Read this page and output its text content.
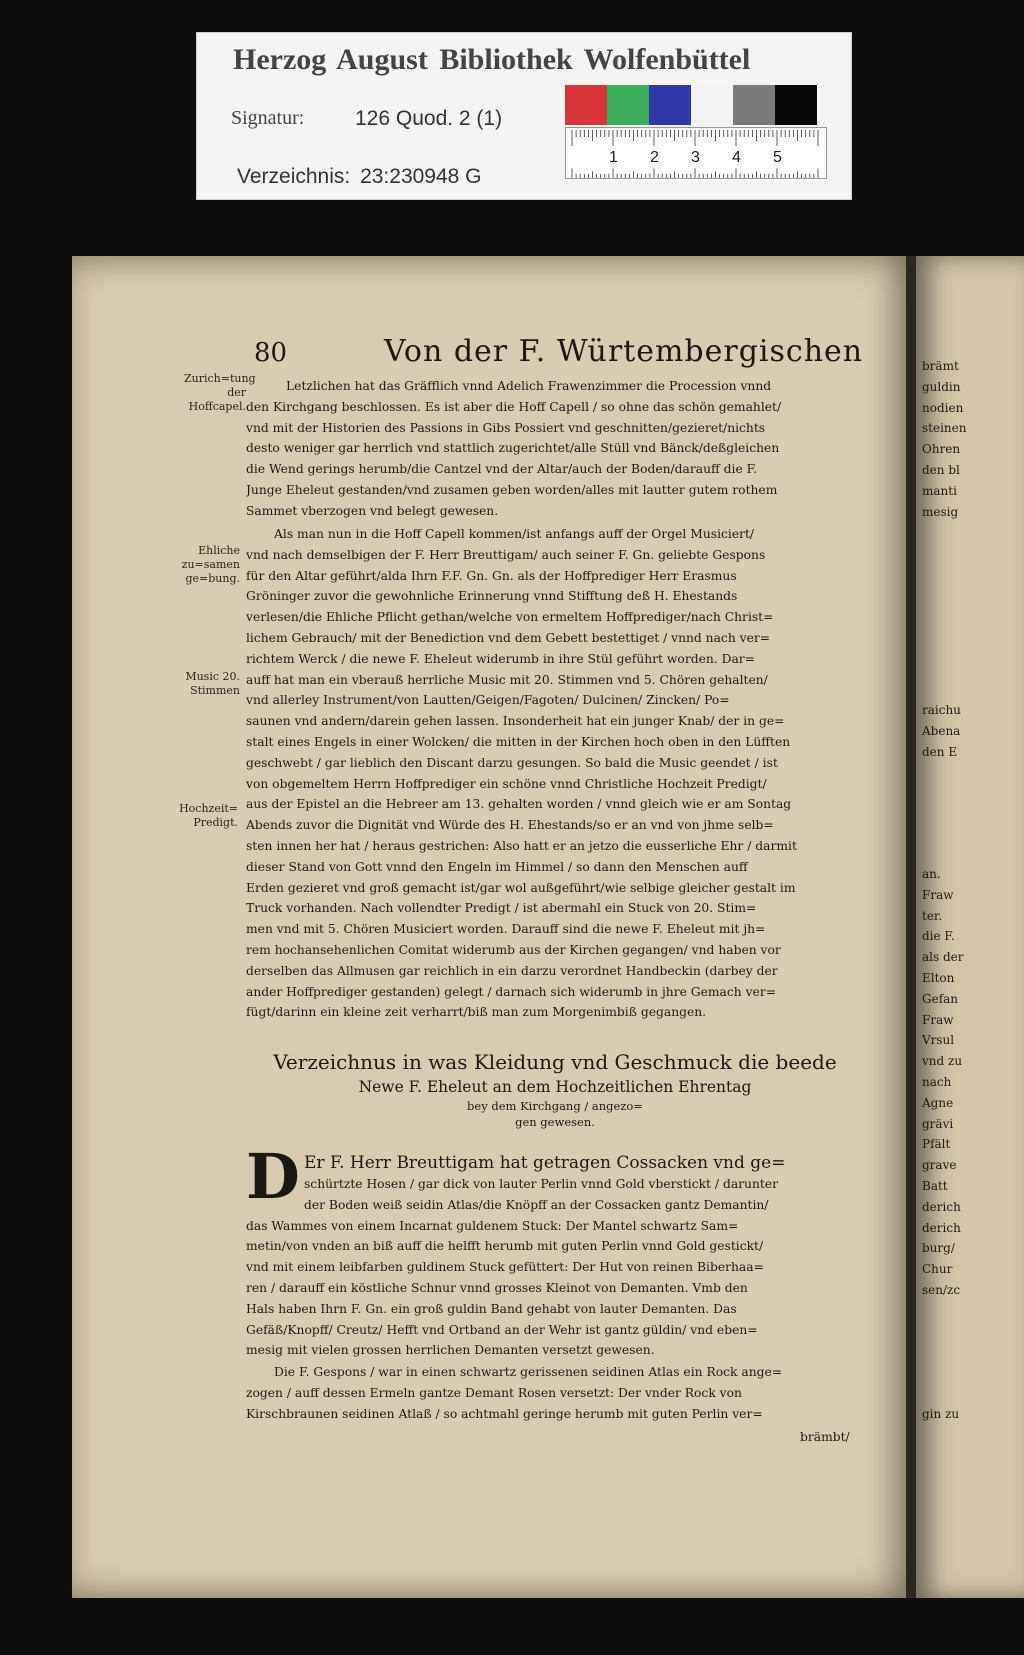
Herzog August Bibliothek Wolfenbüttel
Signatur: 126 Quod. 2 (1)
Verzeichnis: 23:230948 G
1 2 3 4 5
brämt
guldin
nodien
steinen
Ohren
den bl
manti
mesig
raichu
Abena
den E
an.
Fraw
ter.
die F.
als der
Elton
Gefan
Fraw
Vrsul
vnd zu
nach
Agne
grävi
Pfält
grave
Batt
derich
derich
burg/
Chur
sen/zc
gin zu
80	Von der F. Würtembergischen
Zurich=tung der Hoffcapel.
Ehliche zu=samen ge=bung.
Music 20. Stimmen
Hochzeit= Predigt.
Letzlichen hat das Gräfflich vnnd Adelich Frawenzimmer die Procession vnnd
den Kirchgang beschlossen. Es ist aber die Hoff Capell / so ohne das schön gemahlet/
vnd mit der Historien des Passions in Gibs Possiert vnd geschnitten/gezieret/nichts
desto weniger gar herrlich vnd stattlich zugerichtet/alle Stüll vnd Bänck/deßgleichen
die Wend gerings herumb/die Cantzel vnd der Altar/auch der Boden/darauff die F.
Junge Eheleut gestanden/vnd zusamen geben worden/alles mit lautter gutem rothem
Sammet vberzogen vnd belegt gewesen.
Als man nun in die Hoff Capell kommen/ist anfangs auff der Orgel Musiciert/
vnd nach demselbigen der F. Herr Breuttigam/ auch seiner F. Gn. geliebte Gespons
für den Altar geführt/alda Ihrn F.F. Gn. Gn. als der Hoffprediger Herr Erasmus
Gröninger zuvor die gewohnliche Erinnerung vnnd Stifftung deß H. Ehestands
verlesen/die Ehliche Pflicht gethan/welche von ermeltem Hoffprediger/nach Christ=
lichem Gebrauch/ mit der Benediction vnd dem Gebett bestettiget / vnnd nach ver=
richtem Werck / die newe F. Eheleut widerumb in ihre Stül geführt worden. Dar=
auff hat man ein vberauß herrliche Music mit 20. Stimmen vnd 5. Chören gehalten/
vnd allerley Instrument/von Lautten/Geigen/Fagoten/ Dulcinen/ Zincken/ Po=
saunen vnd andern/darein gehen lassen. Insonderheit hat ein junger Knab/ der in ge=
stalt eines Engels in einer Wolcken/ die mitten in der Kirchen hoch oben in den Lüfften
geschwebt / gar lieblich den Discant darzu gesungen. So bald die Music geendet / ist
von obgemeltem Herrn Hoffprediger ein schöne vnnd Christliche Hochzeit Predigt/
aus der Epistel an die Hebreer am 13. gehalten worden / vnnd gleich wie er am Sontag
Abends zuvor die Dignität vnd Würde des H. Ehestands/so er an vnd von jhme selb=
sten innen her hat / heraus gestrichen: Also hatt er an jetzo die eusserliche Ehr / darmit
dieser Stand von Gott vnnd den Engeln im Himmel / so dann den Menschen auff
Erden gezieret vnd groß gemacht ist/gar wol außgeführt/wie selbige gleicher gestalt im
Truck vorhanden. Nach vollendter Predigt / ist abermahl ein Stuck von 20. Stim=
men vnd mit 5. Chören Musiciert worden. Darauff sind die newe F. Eheleut mit jh=
rem hochansehenlichen Comitat widerumb aus der Kirchen gegangen/ vnd haben vor
derselben das Allmusen gar reichlich in ein darzu verordnet Handbeckin (darbey der
ander Hoffprediger gestanden) gelegt / darnach sich widerumb in jhre Gemach ver=
fügt/darinn ein kleine zeit verharrt/biß man zum Morgenimbiß gegangen.
Verzeichnus in was Kleidung vnd Geschmuck die beede
Newe F. Eheleut an dem Hochzeitlichen Ehrentag
bey dem Kirchgang / angezo=
gen gewesen.
D Er F. Herr Breuttigam hat getragen Cossacken vnd ge=
schürtzte Hosen / gar dick von lauter Perlin vnnd Gold vberstickt / darunter
der Boden weiß seidin Atlas/die Knöpff an der Cossacken gantz Demantin/
das Wammes von einem Incarnat guldenem Stuck: Der Mantel schwartz Sam=
metin/von vnden an biß auff die helfft herumb mit guten Perlin vnnd Gold gestickt/
vnd mit einem leibfarben guldinem Stuck gefüttert: Der Hut von reinen Biberhaa=
ren / darauff ein köstliche Schnur vnnd grosses Kleinot von Demanten. Vmb den
Hals haben Ihrn F. Gn. ein groß guldin Band gehabt von lauter Demanten. Das
Gefäß/Knopff/ Creutz/ Hefft vnd Ortband an der Wehr ist gantz güldin/ vnd eben=
mesig mit vielen grossen herrlichen Demanten versetzt gewesen.
Die F. Gespons / war in einen schwartz gerissenen seidinen Atlas ein Rock ange=
zogen / auff dessen Ermeln gantze Demant Rosen versetzt: Der vnder Rock von
Kirschbraunen seidinen Atlaß / so achtmahl geringe herumb mit guten Perlin ver=
brämbt/
